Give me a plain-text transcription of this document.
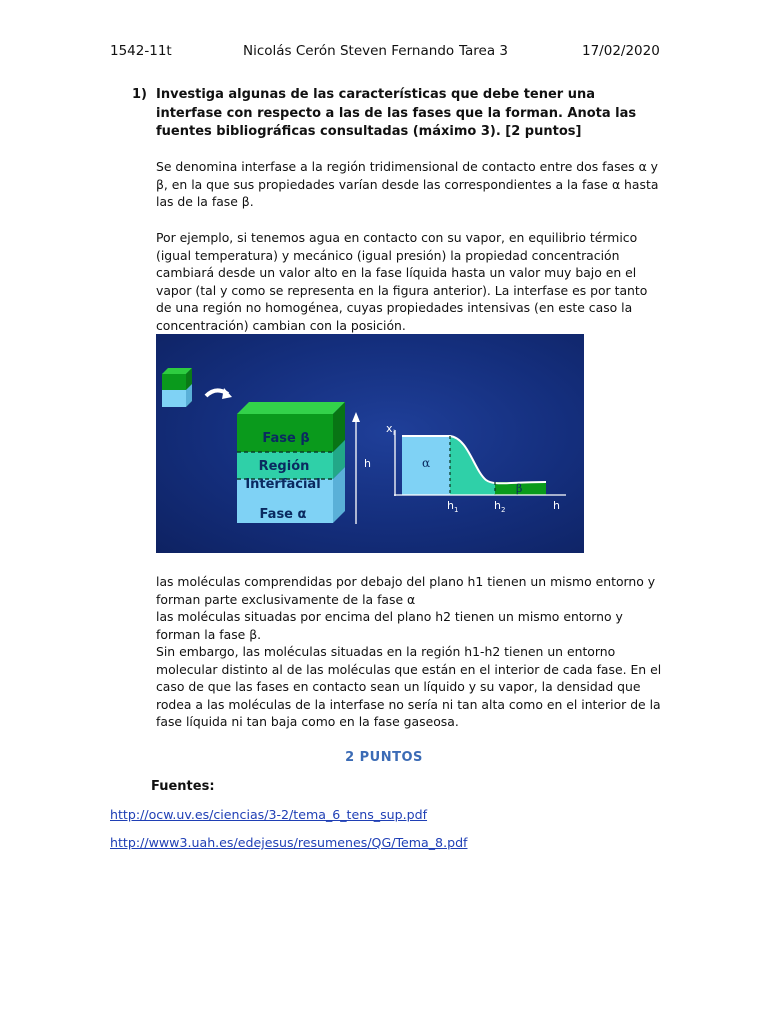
1542-11t	Nicolás Cerón Steven Fernando Tarea 3	17/02/2020
1) Investiga algunas de las características que debe tener una interfase con respecto a las de las fases que la forman. Anota las fuentes bibliográficas consultadas (máximo 3). [2 puntos]
Se denomina interfase a la región tridimensional de contacto entre dos fases α y β, en la que sus propiedades varían desde las correspondientes a la fase α hasta las de la fase β.
Por ejemplo, si tenemos agua en contacto con su vapor, en equilibrio térmico (igual temperatura) y mecánico (igual presión) la propiedad concentración cambiará desde un valor alto en la fase líquida hasta un valor muy bajo en el vapor (tal y como se representa en la figura anterior). La interfase es por tanto de una región no homogénea, cuyas propiedades intensivas (en este caso la concentración) cambian con la posición.
Fase β
Región
Interfacial
Fase α
h
x i
α
β
h 1	h 2	h
las moléculas comprendidas por debajo del plano h1 tienen un mismo entorno y forman parte exclusivamente de la fase α
las moléculas situadas por encima del plano h2 tienen un mismo entorno y forman la fase β.
Sin embargo, las moléculas situadas en la región h1-h2 tienen un entorno molecular distinto al de las moléculas que están en el interior de cada fase. En el caso de que las fases en contacto sean un líquido y su vapor, la densidad que rodea a las moléculas de la interfase no sería ni tan alta como en el interior de la fase líquida ni tan baja como en la fase gaseosa.
2 PUNTOS
Fuentes:
http://ocw.uv.es/ciencias/3-2/tema_6_tens_sup.pdf
http://www3.uah.es/edejesus/resumenes/QG/Tema_8.pdf
